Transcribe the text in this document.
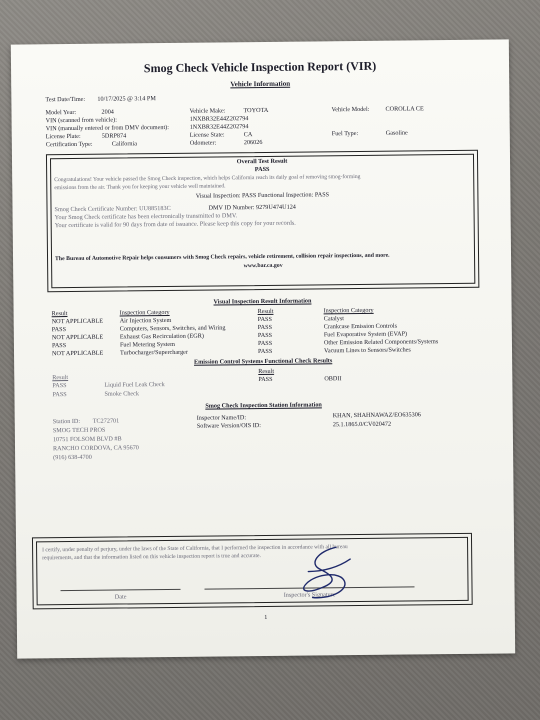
Smog Check Vehicle Inspection Report (VIR)
Vehicle Information
Test Date/Time: 10/17/2025 @ 3:14 PM
Model Year:	2004
VIN (scanned from vehicle):	1NXBR32E44Z202794
VIN (manually entered or from DMV document):	1NXBR32E44Z202794
License Plate:	5DRP874
Certification Type:	California
Vehicle Make:	TOYOTA
License State:	CA
Odometer:	206026
Vehicle Model:	COROLLA CE
Fuel Type:	Gasoline
Overall Test Result
PASS
Congratulations! Your vehicle passed the Smog Check inspection, which helps California reach its daily goal of removing smog-forming
emissions from the air. Thank you for keeping your vehicle well maintained.
Visual Inspection: PASS Functional Inspection: PASS
Smog Check Certificate Number: UU885183C	DMV ID Number: 9279U474U124
Your Smog Check certificate has been electronically transmitted to DMV.
Your certificate is valid for 90 days from date of issuance. Please keep this copy for your records.
The Bureau of Automotive Repair helps consumers with Smog Check repairs, vehicle retirement, collision repair inspections, and more.
www.bar.ca.gov
Visual Inspection Result Information
Result	Inspection Category	Result	Inspection Category
NOT APPLICABLE	Air Injection System
PASS	Computers, Sensors, Switches, and Wiring
NOT APPLICABLE	Exhaust Gas Recirculation (EGR)
PASS	Fuel Metering System
NOT APPLICABLE	Turbocharger/Supercharger
PASS	Catalyst
PASS	Crankcase Emission Controls
PASS	Fuel Evaporative System (EVAP)
PASS	Other Emission Related Components/Systems
PASS	Vacuum Lines to Sensors/Switches
Emission Control Systems Functional Check Results
Result
Result
PASS	Liquid Fuel Leak Check
PASS	Smoke Check
PASS	OBDII
Smog Check Inspection Station Information
Station ID: TC272701
SMOG TECH PROS
10751 FOLSOM BLVD #B
RANCHO CORDOVA, CA 95670
(916) 638-4700
Inspector Name/ID:	KHAN, SHAHNAWAZ/EO635306
Software Version/OIS ID:	25.1.1865.0/CV020472
I certify, under penalty of perjury, under the laws of the State of California, that I performed the inspection in accordance with all bureau
requirements, and that the information listed on this vehicle inspection report is true and accurate.
Date	Inspector's Signature
1
